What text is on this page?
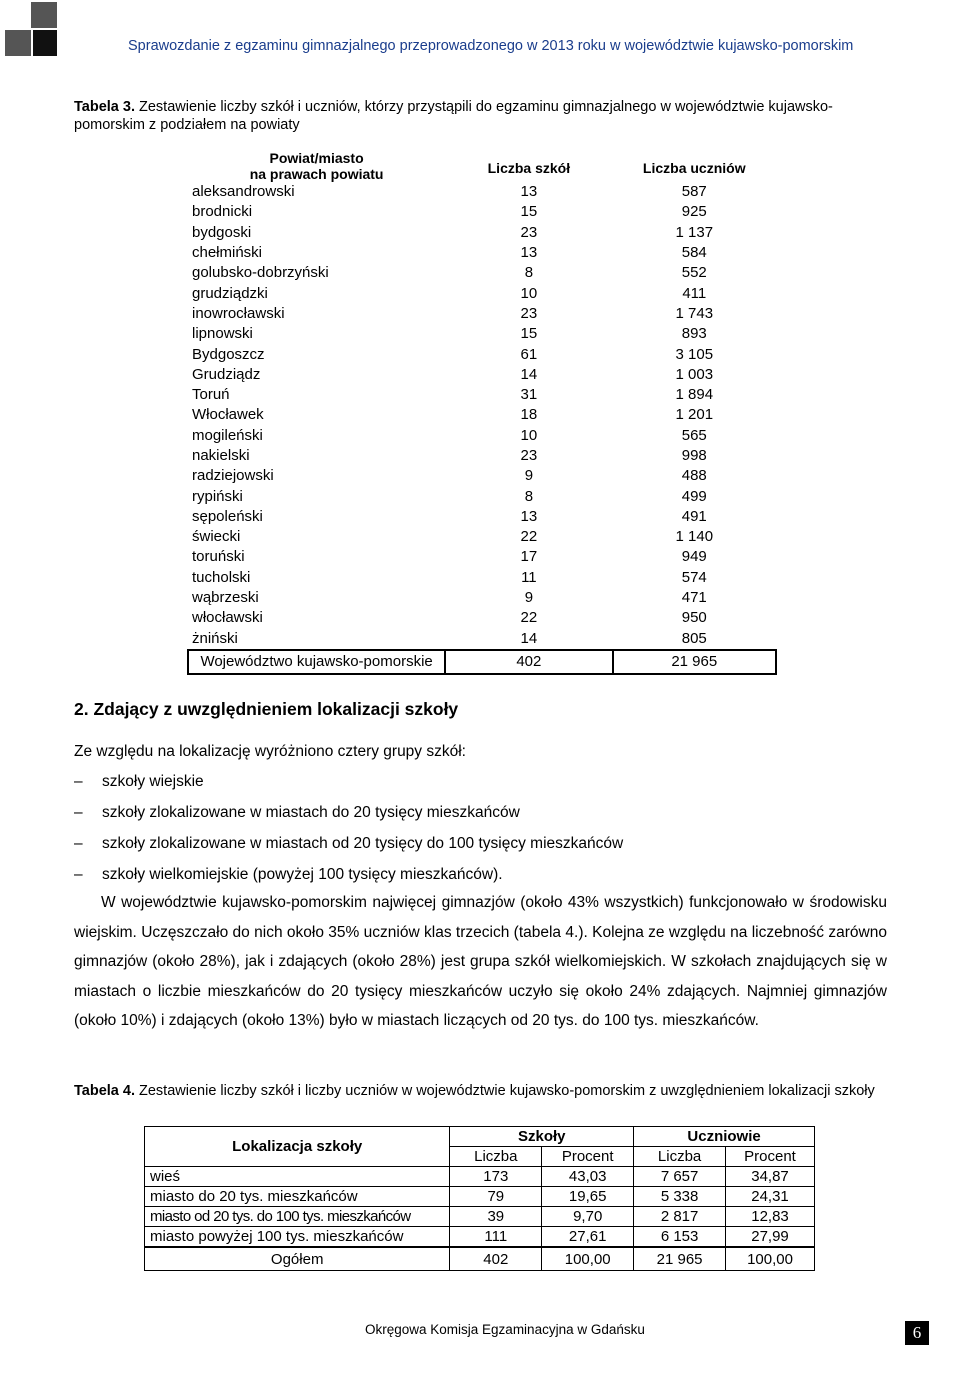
Sprawozdanie z egzaminu gimnazjalnego przeprowadzonego w 2013 roku w województwie kujawsko-pomorskim
Tabela 3. Zestawienie liczby szkół i uczniów, którzy przystąpili do egzaminu gimnazjalnego w województwie kujawsko-pomorskim z podziałem na powiaty
Powiat/miasto
na prawach powiatu	Liczba szkół	Liczba uczniów
aleksandrowski	13	587
brodnicki	15	925
bydgoski	23	1 137
chełmiński	13	584
golubsko-dobrzyński	8	552
grudziądzki	10	411
inowrocławski	23	1 743
lipnowski	15	893
Bydgoszcz	61	3 105
Grudziądz	14	1 003
Toruń	31	1 894
Włocławek	18	1 201
mogileński	10	565
nakielski	23	998
radziejowski	9	488
rypiński	8	499
sępoleński	13	491
świecki	22	1 140
toruński	17	949
tucholski	11	574
wąbrzeski	9	471
włocławski	22	950
żniński	14	805
Województwo kujawsko-pomorskie	402	21 965
2. Zdający z uwzględnieniem lokalizacji szkoły
Ze względu na lokalizację wyróżniono cztery grupy szkół:
– szkoły wiejskie
– szkoły zlokalizowane w miastach do 20 tysięcy mieszkańców
– szkoły zlokalizowane w miastach od 20 tysięcy do 100 tysięcy mieszkańców
– szkoły wielkomiejskie (powyżej 100 tysięcy mieszkańców).
W województwie kujawsko-pomorskim najwięcej gimnazjów (około 43% wszystkich) funkcjonowało w środowisku wiejskim. Uczęszczało do nich około 35% uczniów klas trzecich (tabela 4.). Kolejna ze względu na liczebność zarówno gimnazjów (około 28%), jak i zdających (około 28%) jest grupa szkół wielkomiejskich. W szkołach znajdujących się w miastach o liczbie mieszkańców do 20 tysięcy mieszkańców uczyło się około 24% zdających. Najmniej gimnazjów (około 10%) i zdających (około 13%) było w miastach liczących od 20 tys. do 100 tys. mieszkańców.
Tabela 4. Zestawienie liczby szkół i liczby uczniów w województwie kujawsko-pomorskim z uwzględnieniem lokalizacji szkoły
Lokalizacja szkoły	Szkoły		Uczniowie	
	Liczba	Procent	Liczba	Procent
wieś	173	43,03	7 657	34,87
miasto do 20 tys. mieszkańców	79	19,65	5 338	24,31
miasto od 20 tys. do 100 tys. mieszkańców	39	9,70	2 817	12,83
miasto powyżej 100 tys. mieszkańców	111	27,61	6 153	27,99
Ogółem	402	100,00	21 965	100,00
Okręgowa Komisja Egzaminacyjna w Gdańsku	6
